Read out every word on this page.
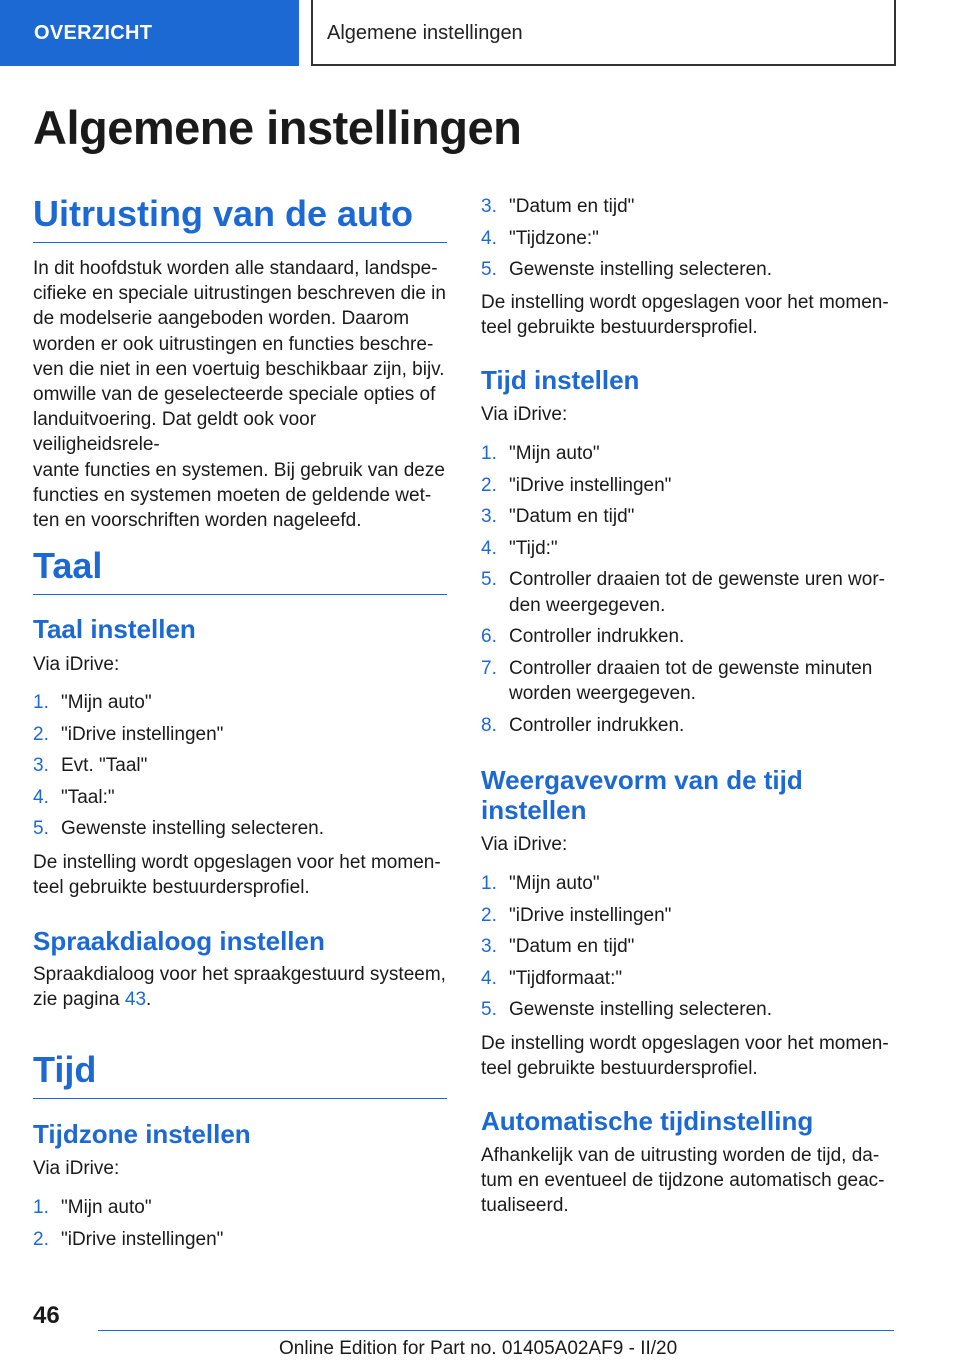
OVERZICHT	Algemene instellingen
Algemene instellingen
Uitrusting van de auto
In dit hoofdstuk worden alle standaard, landspe‐
cifieke en speciale uitrustingen beschreven die in
de modelserie aangeboden worden. Daarom
worden er ook uitrustingen en functies beschre‐
ven die niet in een voertuig beschikbaar zijn, bijv.
omwille van de geselecteerde speciale opties of
landuitvoering. Dat geldt ook voor veiligheidsrele‐
vante functies en systemen. Bij gebruik van deze
functies en systemen moeten de geldende wet‐
ten en voorschriften worden nageleefd.
Taal
Taal instellen
Via iDrive:
1. "Mijn auto"
2. "iDrive instellingen"
3. Evt. "Taal"
4. "Taal:"
5. Gewenste instelling selecteren.
De instelling wordt opgeslagen voor het momen‐
teel gebruikte bestuurdersprofiel.
Spraakdialoog instellen
Spraakdialoog voor het spraakgestuurd systeem,
zie pagina 43.
Tijd
Tijdzone instellen
Via iDrive:
1. "Mijn auto"
2. "iDrive instellingen"
3. "Datum en tijd"
4. "Tijdzone:"
5. Gewenste instelling selecteren.
De instelling wordt opgeslagen voor het momen‐
teel gebruikte bestuurdersprofiel.
Tijd instellen
Via iDrive:
1. "Mijn auto"
2. "iDrive instellingen"
3. "Datum en tijd"
4. "Tijd:"
5. Controller draaien tot de gewenste uren wor‐
den weergegeven.
6. Controller indrukken.
7. Controller draaien tot de gewenste minuten
worden weergegeven.
8. Controller indrukken.
Weergavevorm van de tijd
instellen
Via iDrive:
1. "Mijn auto"
2. "iDrive instellingen"
3. "Datum en tijd"
4. "Tijdformaat:"
5. Gewenste instelling selecteren.
De instelling wordt opgeslagen voor het momen‐
teel gebruikte bestuurdersprofiel.
Automatische tijdinstelling
Afhankelijk van de uitrusting worden de tijd, da‐
tum en eventueel de tijdzone automatisch geac‐
tualiseerd.
46
Online Edition for Part no. 01405A02AF9 - II/20
